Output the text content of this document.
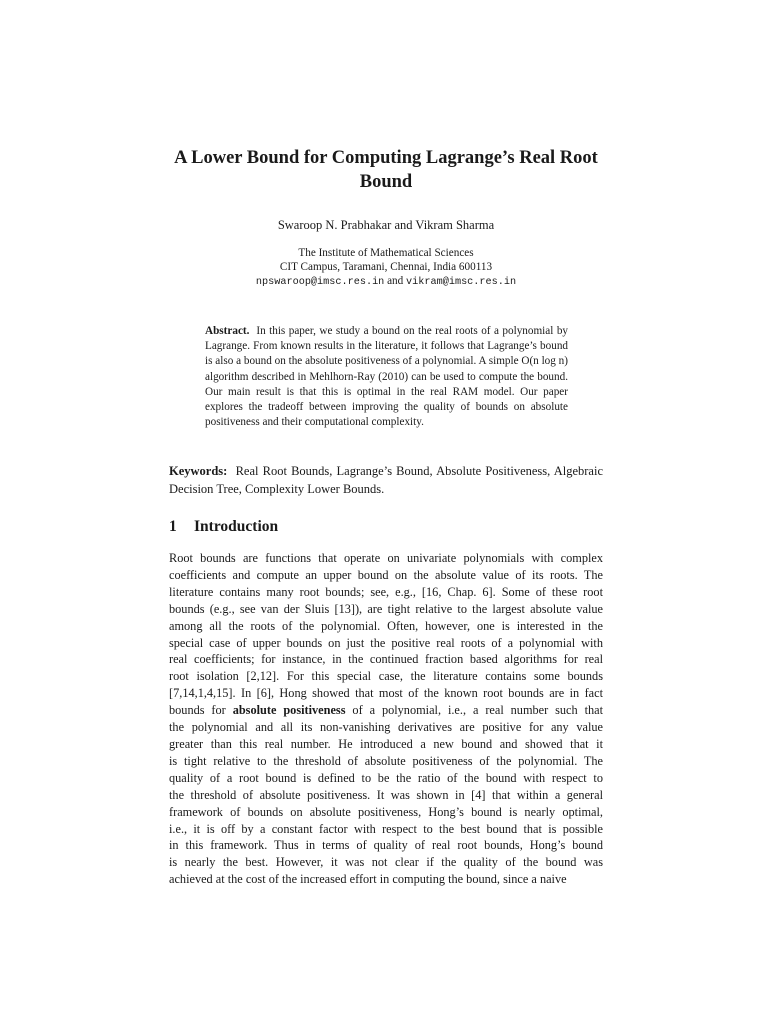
A Lower Bound for Computing Lagrange’s Real Root Bound
Swaroop N. Prabhakar and Vikram Sharma
The Institute of Mathematical Sciences
CIT Campus, Taramani, Chennai, India 600113
npswaroop@imsc.res.in and vikram@imsc.res.in

Abstract. In this paper, we study a bound on the real roots of a polynomial by Lagrange. From known results in the literature, it follows that Lagrange’s bound is also a bound on the absolute positiveness of a polynomial. A simple O(n log n) algorithm described in Mehlhorn-Ray (2010) can be used to compute the bound. Our main result is that this is optimal in the real RAM model. Our paper explores the tradeoff between improving the quality of bounds on absolute positiveness and their computational complexity.

Keywords: Real Root Bounds, Lagrange’s Bound, Absolute Positiveness, Algebraic Decision Tree, Complexity Lower Bounds.

1 Introduction
Root bounds are functions that operate on univariate polynomials with complex
coefficients and compute an upper bound on the absolute value of its roots. The
literature contains many root bounds; see, e.g., [16, Chap. 6]. Some of these root
bounds (e.g., see van der Sluis [13]), are tight relative to the largest absolute value
among all the roots of the polynomial. Often, however, one is interested in the
special case of upper bounds on just the positive real roots of a polynomial with
real coefficients; for instance, in the continued fraction based algorithms for real
root isolation [2,12]. For this special case, the literature contains some bounds
[7,14,1,4,15]. In [6], Hong showed that most of the known root bounds are in fact
bounds for absolute positiveness of a polynomial, i.e., a real number such that
the polynomial and all its non-vanishing derivatives are positive for any value
greater than this real number. He introduced a new bound and showed that it
is tight relative to the threshold of absolute positiveness of the polynomial. The
quality of a root bound is defined to be the ratio of the bound with respect to
the threshold of absolute positiveness. It was shown in [4] that within a general
framework of bounds on absolute positiveness, Hong’s bound is nearly optimal,
i.e., it is off by a constant factor with respect to the best bound that is possible
in this framework. Thus in terms of quality of real root bounds, Hong’s bound
is nearly the best. However, it was not clear if the quality of the bound was
achieved at the cost of the increased effort in computing the bound, since a naive
